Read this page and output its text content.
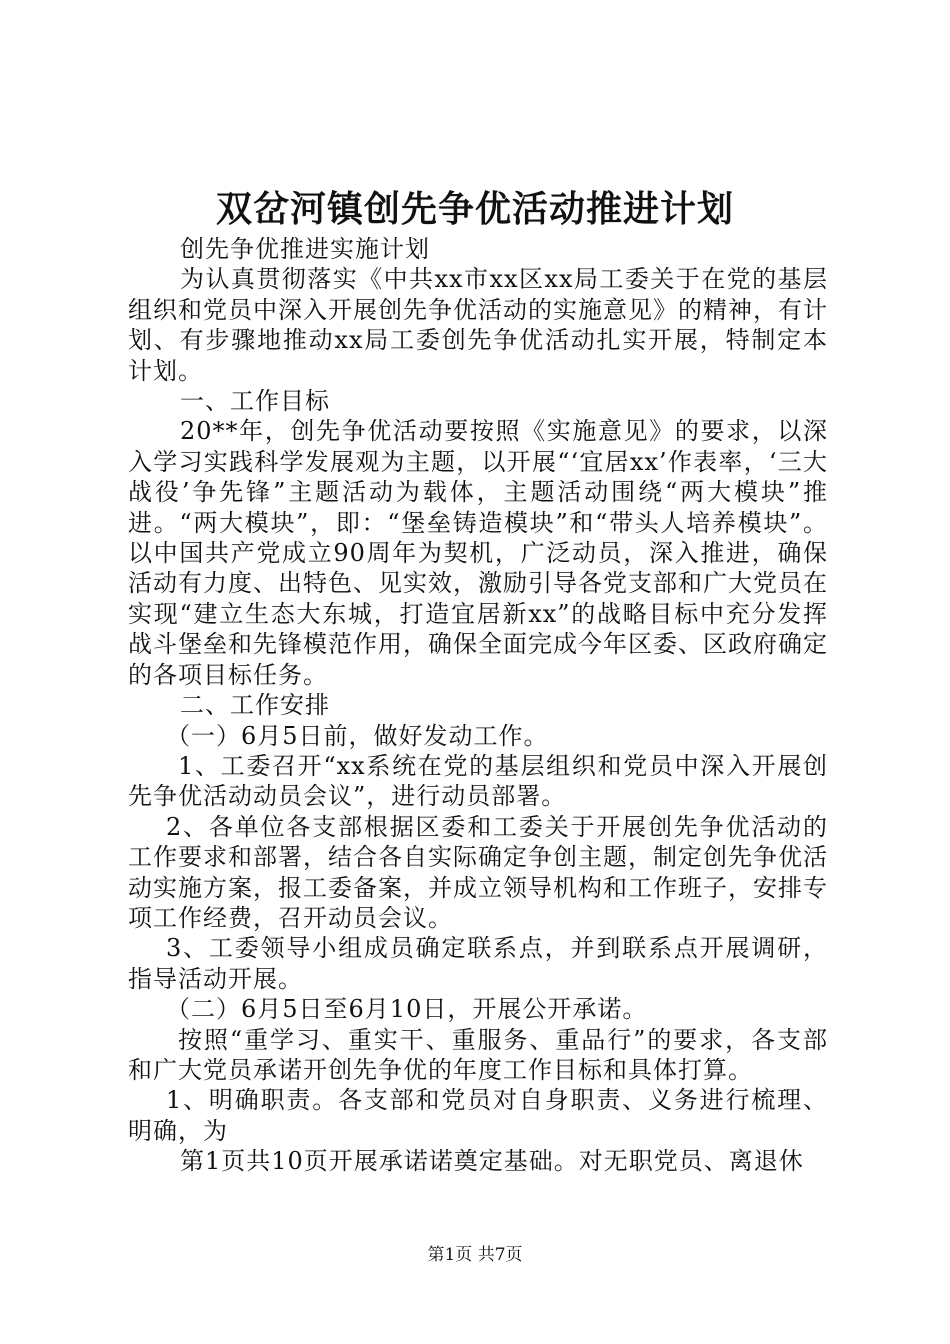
双岔河镇创先争优活动推进计划

创先争优推进实施计划

为认真贯彻落实《中共xx市xx区xx局工委关于在党的基层组织和党员中深入开展创先争优活动的实施意见》的精神，有计划、有步骤地推动xx局工委创先争优活动扎实开展，特制定本计划。

一、工作目标

20**年，创先争优活动要按照《实施意见》的要求，以深入学习实践科学发展观为主题，以开展“‘宜居xx’作表率，‘三大战役’争先锋”主题活动为载体，主题活动围绕“两大模块”推进。“两大模块”，即：“堡垒铸造模块”和“带头人培养模块”。以中国共产党成立90周年为契机，广泛动员，深入推进，确保活动有力度、出特色、见实效，激励引导各党支部和广大党员在实现“建立生态大东城，打造宜居新xx”的战略目标中充分发挥战斗堡垒和先锋模范作用，确保全面完成今年区委、区政府确定的各项目标任务。

二、工作安排

（一）6月5日前，做好发动工作。

1、工委召开“xx系统在党的基层组织和党员中深入开展创先争优活动动员会议”，进行动员部署。

2、各单位各支部根据区委和工委关于开展创先争优活动的工作要求和部署，结合各自实际确定争创主题，制定创先争优活动实施方案，报工委备案，并成立领导机构和工作班子，安排专项工作经费，召开动员会议。

3、工委领导小组成员确定联系点，并到联系点开展调研，指导活动开展。

（二）6月5日至6月10日，开展公开承诺。

按照“重学习、重实干、重服务、重品行”的要求，各支部和广大党员承诺开创先争优的年度工作目标和具体打算。

1、明确职责。各支部和党员对自身职责、义务进行梳理、明确，为

第1页共10页开展承诺诺奠定基础。对无职党员、离退休

第1页 共7页
